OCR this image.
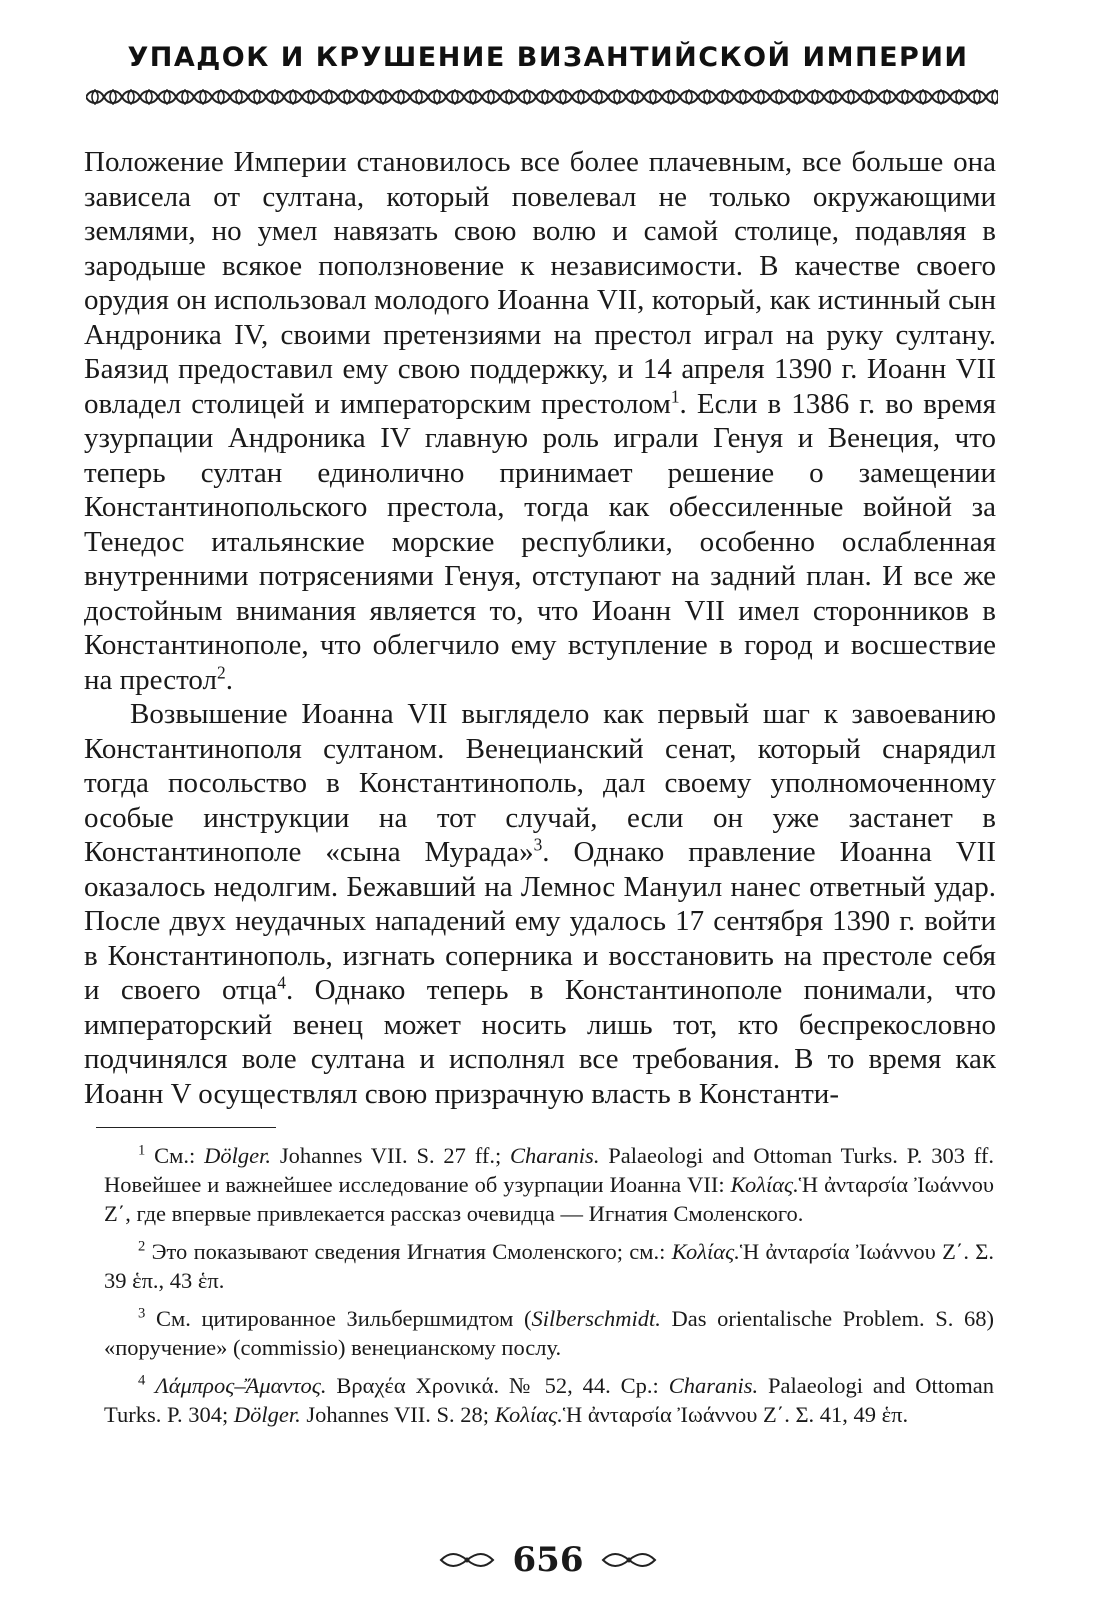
УПАДОК И КРУШЕНИЕ ВИЗАНТИЙСКОЙ ИМПЕРИИ

Положение Империи становилось все более плачевным, все больше она зависела от султана, который повелевал не только окружающими землями, но умел навязать свою волю и самой столице, подавляя в зародыше всякое поползновение к независимости. В качестве своего орудия он использовал молодого Иоанна VII, который, как истинный сын Андроника IV, своими претензиями на престол играл на руку султану. Баязид предоставил ему свою поддержку, и 14 апреля 1390 г. Иоанн VII овладел столицей и императорским престолом$^1$. Если в 1386 г. во время узурпации Андроника IV главную роль играли Генуя и Венеция, что теперь султан единолично принимает решение о замещении Константинопольского престола, тогда как обессиленные войной за Тенедос итальянские морские республики, особенно ослабленная внутренними потрясениями Генуя, отступают на задний план. И все же достойным внимания является то, что Иоанн VII имел сторонников в Константинополе, что облегчило ему вступление в город и восшествие на престол$^2$.

Возвышение Иоанна VII выглядело как первый шаг к завоеванию Константинополя султаном. Венецианский сенат, который снарядил тогда посольство в Константинополь, дал своему уполномоченному особые инструкции на тот случай, если он уже застанет в Константинополе «сына Мурада»$^3$. Однако правление Иоанна VII оказалось недолгим. Бежавший на Лемнос Мануил нанес ответный удар. После двух неудачных нападений ему удалось 17 сентября 1390 г. войти в Константинополь, изгнать соперника и восстановить на престоле себя и своего отца$^4$. Однако теперь в Константинополе понимали, что императорский венец может носить лишь тот, кто беспрекословно подчинялся воле султана и исполнял все требования. В то время как Иоанн V осуществлял свою призрачную власть в Константи-

$^1$ См.: Dölger. Johannes VII. S. 27 ff.; Charanis. Palaeologi and Ottoman Turks. P. 303 ff. Новейшее и важнейшее исследование об узурпации Иоанна VII: Κολίας.Ἡ ἀνταρσία Ἰωάννου Ζ΄, где впервые привлекается рассказ очевидца — Игнатия Смоленского.

$^2$ Это показывают сведения Игнатия Смоленского; см.: Κολίας.Ἡ ἀνταρσία Ἰωάννου Ζ΄. Σ. 39 ἑπ., 43 ἑπ.

$^3$ См. цитированное Зильбершмидтом (Silberschmidt. Das orientalische Problem. S. 68) «поручение» (commissio) венецианскому послу.

$^4$ Λάμπρος–Ἄμαντος. Βραχέα Χρονικά. № 52, 44. Ср.: Charanis. Palaeologi and Ottoman Turks. P. 304; Dölger. Johannes VII. S. 28; Κολίας.Ἡ ἀνταρσία Ἰωάννου Ζ΄. Σ. 41, 49 ἑπ.

656
